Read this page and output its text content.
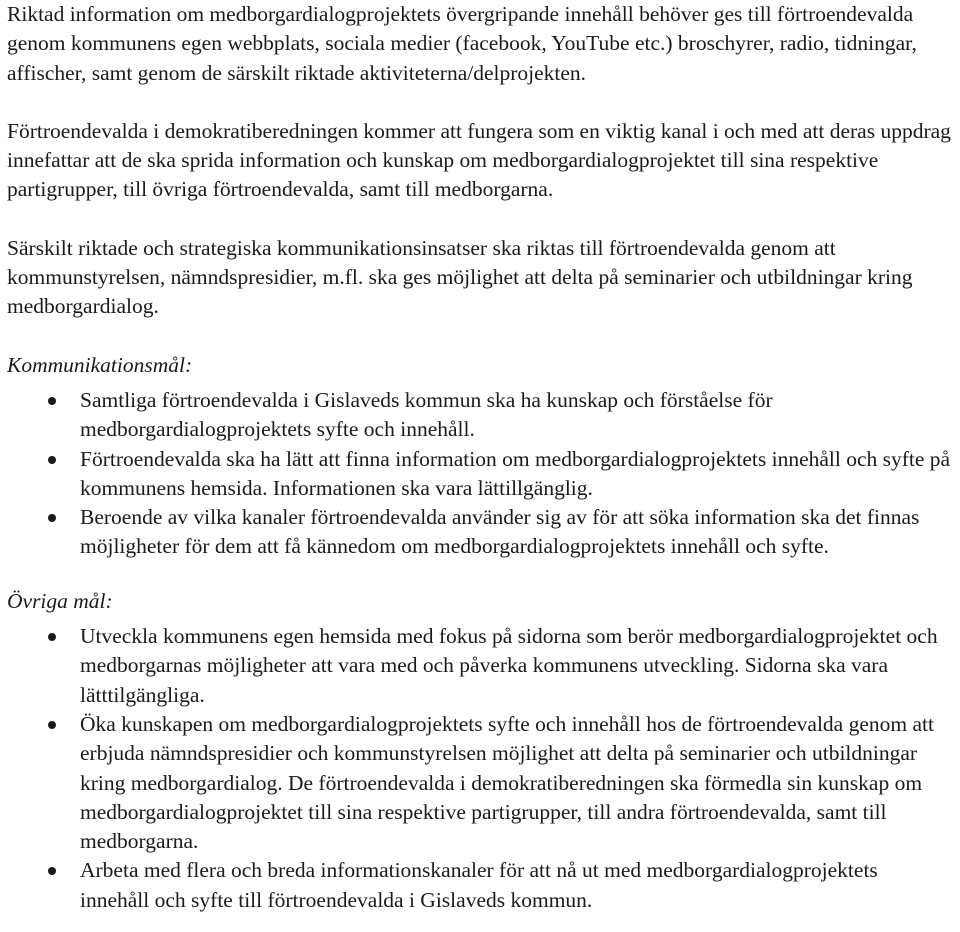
Riktad information om medborgardialogprojektets övergripande innehåll behöver ges till förtroendevalda genom kommunens egen webbplats, sociala medier (facebook, YouTube etc.) broschyrer, radio, tidningar, affischer, samt genom de särskilt riktade aktiviteterna/delprojekten.

Förtroendevalda i demokratiberedningen kommer att fungera som en viktig kanal i och med att deras uppdrag innefattar att de ska sprida information och kunskap om medborgardialogprojektet till sina respektive partigrupper, till övriga förtroendevalda, samt till medborgarna.

Särskilt riktade och strategiska kommunikationsinsatser ska riktas till förtroendevalda genom att kommunstyrelsen, nämndspresidier, m.fl. ska ges möjlighet att delta på seminarier och utbildningar kring medborgardialog.

Kommunikationsmål:

Samtliga förtroendevalda i Gislaveds kommun ska ha kunskap och förståelse för medborgardialogprojektets syfte och innehåll.
Förtroendevalda ska ha lätt att finna information om medborgardialogprojektets innehåll och syfte på kommunens hemsida. Informationen ska vara lättillgänglig.
Beroende av vilka kanaler förtroendevalda använder sig av för att söka information ska det finnas möjligheter för dem att få kännedom om medborgardialogprojektets innehåll och syfte.

Övriga mål:

Utveckla kommunens egen hemsida med fokus på sidorna som berör medborgardialogprojektet och medborgarnas möjligheter att vara med och påverka kommunens utveckling. Sidorna ska vara lätttilgängliga.
Öka kunskapen om medborgardialogprojektets syfte och innehåll hos de förtroendevalda genom att erbjuda nämndspresidier och kommunstyrelsen möjlighet att delta på seminarier och utbildningar kring medborgardialog. De förtroendevalda i demokratiberedningen ska förmedla sin kunskap om medborgardialogprojektet till sina respektive partigrupper, till andra förtroendevalda, samt till medborgarna.
Arbeta med flera och breda informationskanaler för att nå ut med medborgardialogprojektets innehåll och syfte till förtroendevalda i Gislaveds kommun.
